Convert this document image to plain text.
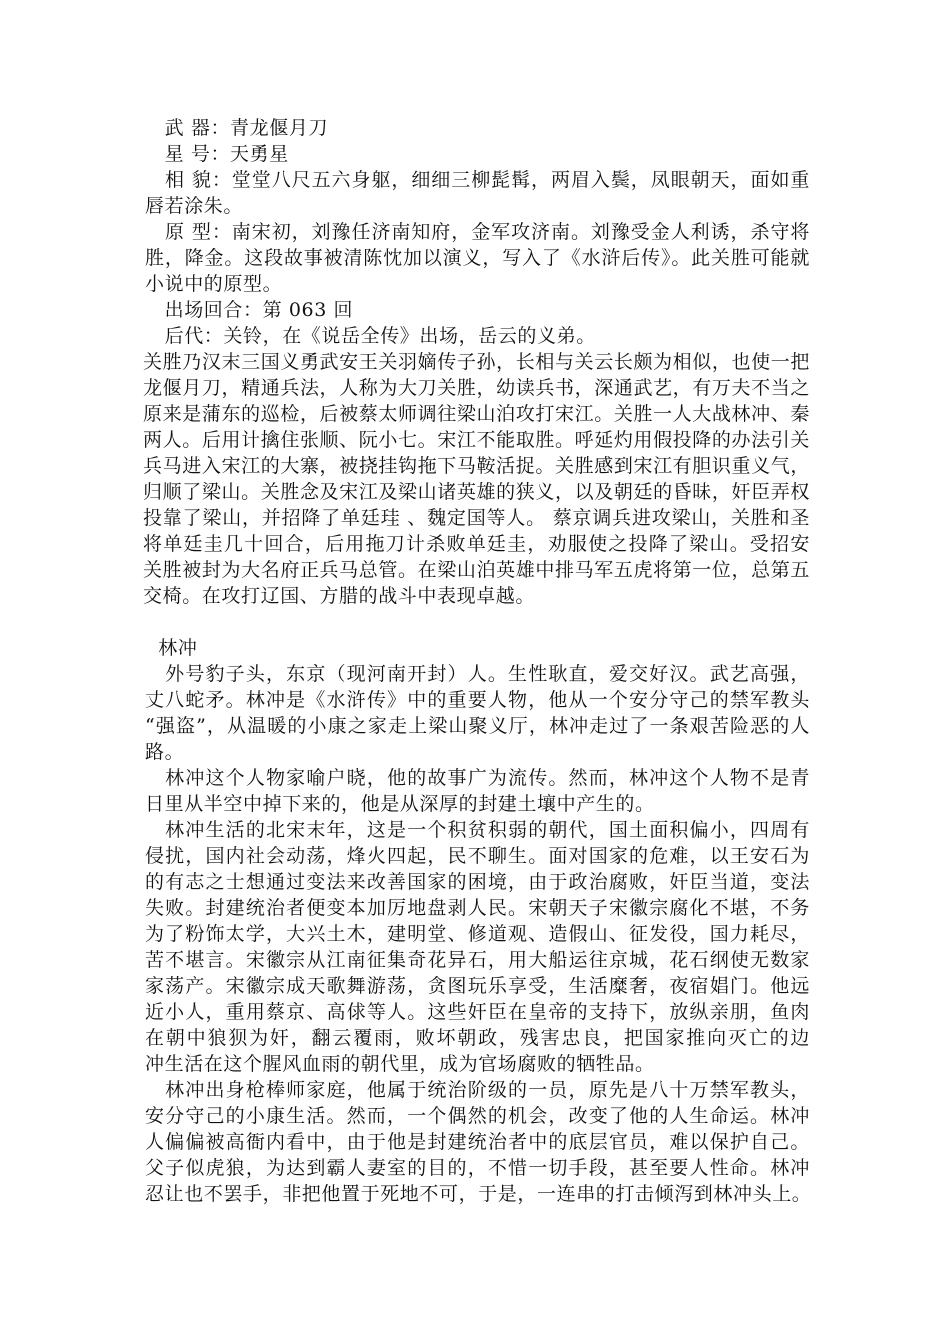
　武 器：青龙偃月刀
　星 号：天勇星
　相 貌：堂堂八尺五六身躯，细细三柳髭髯，两眉入鬓，凤眼朝天，面如重
唇若涂朱。
　原 型：南宋初，刘豫任济南知府，金军攻济南。刘豫受金人利诱，杀守将
胜，降金。这段故事被清陈忱加以演义，写入了《水浒后传》。此关胜可能就
小说中的原型。
　出场回合：第 063 回
　后代：关铃，在《说岳全传》出场，岳云的义弟。
关胜乃汉末三国义勇武安王关羽嫡传子孙，长相与关云长颇为相似，也使一把
龙偃月刀，精通兵法，人称为大刀关胜，幼读兵书，深通武艺，有万夫不当之
原来是蒲东的巡检，后被蔡太师调往梁山泊攻打宋江。关胜一人大战林冲、秦
两人。后用计擒住张顺、阮小七。宋江不能取胜。呼延灼用假投降的办法引关
兵马进入宋江的大寨，被挠挂钩拖下马鞍活捉。关胜感到宋江有胆识重义气，
归顺了梁山。关胜念及宋江及梁山诸英雄的狭义，以及朝廷的昏昧，奸臣弄权
投靠了梁山，并招降了单廷珪 、魏定国等人。 蔡京调兵进攻梁山，关胜和圣
将单廷圭几十回合，后用拖刀计杀败单廷圭，劝服使之投降了梁山。受招安
关胜被封为大名府正兵马总管。在梁山泊英雄中排马军五虎将第一位，总第五
交椅。在攻打辽国、方腊的战斗中表现卓越。
林冲
　外号豹子头，东京（现河南开封）人。生性耿直，爱交好汉。武艺高强，
丈八蛇矛。林冲是《水浒传》中的重要人物，他从一个安分守己的禁军教头
“强盗”，从温暖的小康之家走上梁山聚义厅，林冲走过了一条艰苦险恶的人
路。
　林冲这个人物家喻户晓，他的故事广为流传。然而，林冲这个人物不是青
日里从半空中掉下来的，他是从深厚的封建土壤中产生的。
　林冲生活的北宋末年，这是一个积贫积弱的朝代，国土面积偏小，四周有
侵扰，国内社会动荡，烽火四起，民不聊生。面对国家的危难，以王安石为
的有志之士想通过变法来改善国家的困境，由于政治腐败，奸臣当道，变法
失败。封建统治者便变本加厉地盘剥人民。宋朝天子宋徽宗腐化不堪，不务
为了粉饰太学，大兴土木，建明堂、修道观、造假山、征发役，国力耗尽，
苦不堪言。宋徽宗从江南征集奇花异石，用大船运往京城，花石纲使无数家
家荡产。宋徽宗成天歌舞游荡，贪图玩乐享受，生活糜奢，夜宿娼门。他远
近小人，重用蔡京、高俅等人。这些奸臣在皇帝的支持下，放纵亲朋，鱼肉
在朝中狼狈为奸，翻云覆雨，败坏朝政，残害忠良，把国家推向灭亡的边
冲生活在这个腥风血雨的朝代里，成为官场腐败的牺牲品。
　林冲出身枪棒师家庭，他属于统治阶级的一员，原先是八十万禁军教头，
安分守己的小康生活。然而，一个偶然的机会，改变了他的人生命运。林冲
人偏偏被高衙内看中，由于他是封建统治者中的底层官员，难以保护自己。
父子似虎狼，为达到霸人妻室的目的，不惜一切手段，甚至要人性命。林冲
忍让也不罢手，非把他置于死地不可，于是，一连串的打击倾泻到林冲头上。
